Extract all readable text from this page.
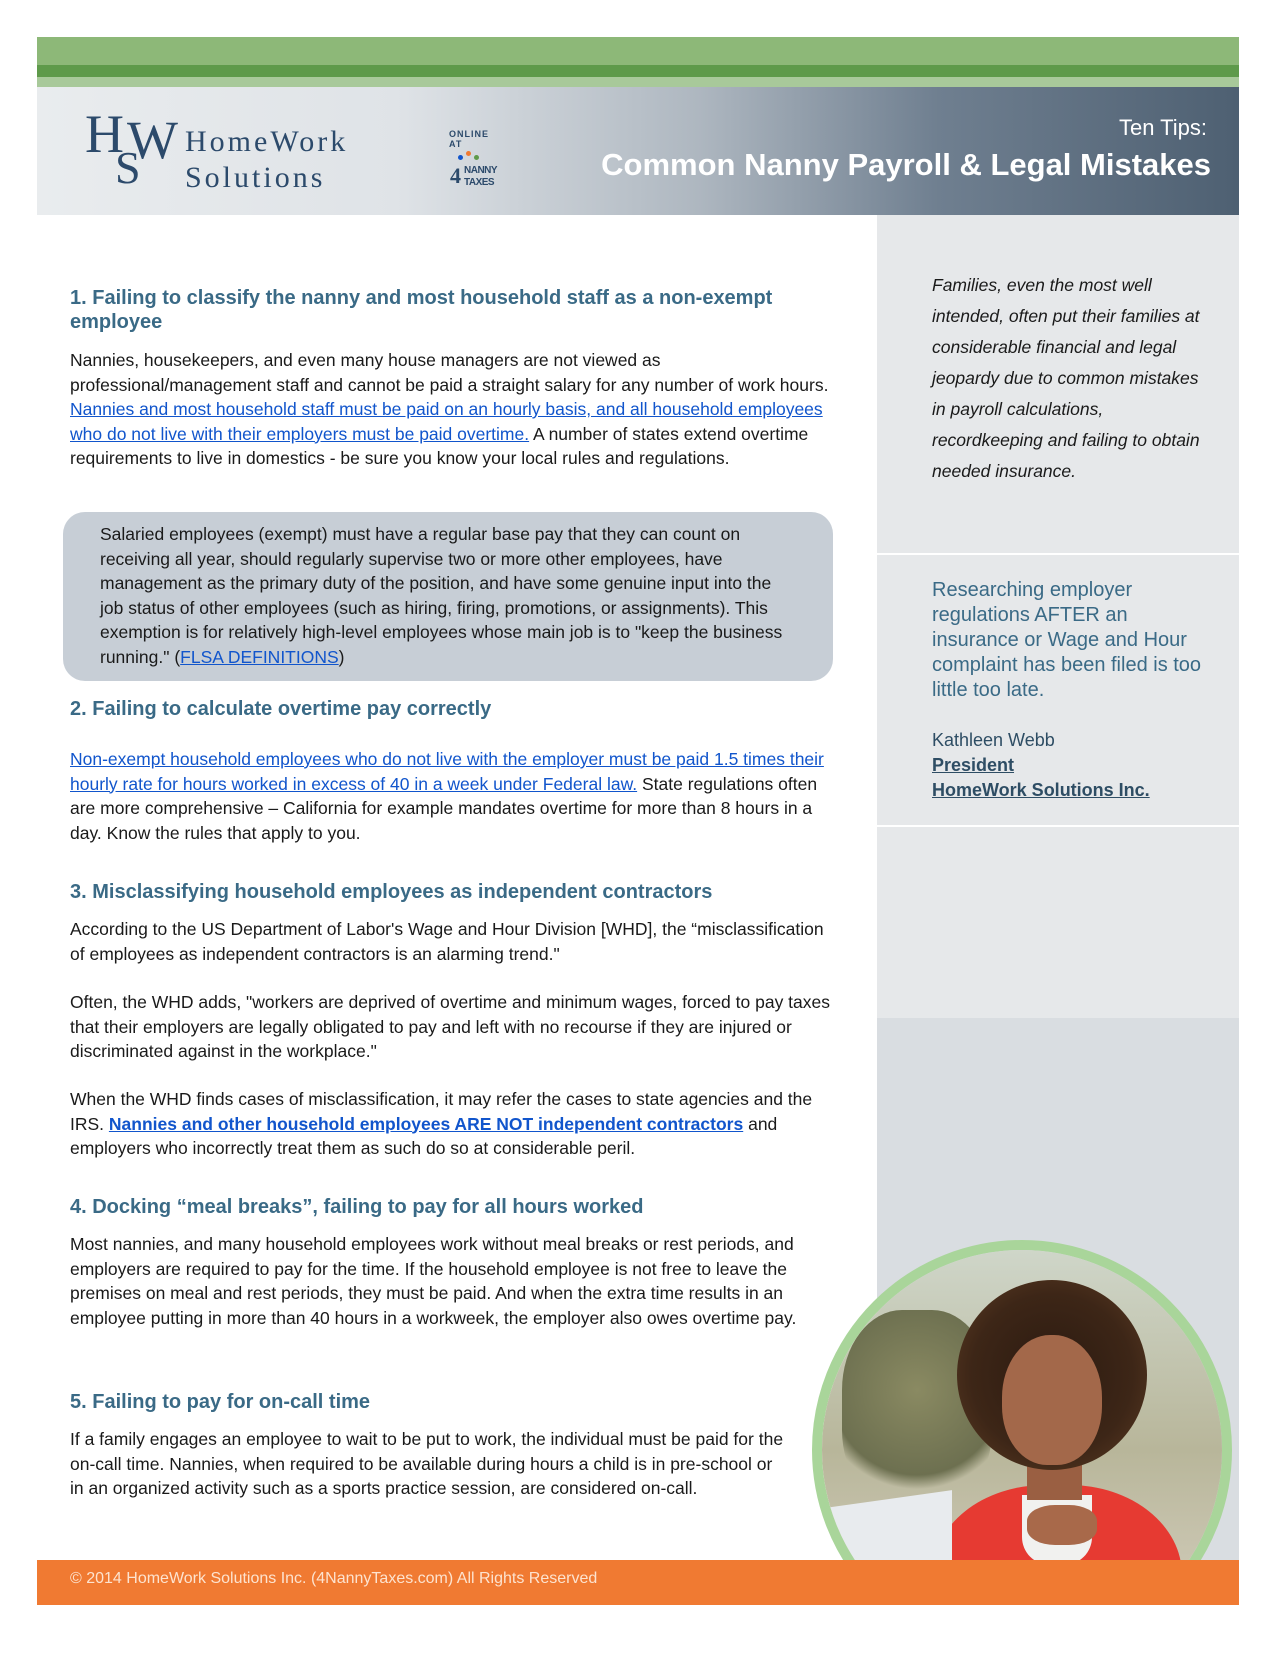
H W
S
HomeWork
Solutions
ONLINE AT
4 NANNY
TAXES
Ten Tips:
Common Nanny Payroll & Legal Mistakes
Families, even the most well intended, often put their families at considerable financial and legal jeopardy due to common mistakes in payroll calculations, recordkeeping and failing to obtain needed insurance.
Researching employer regulations AFTER an insurance or Wage and Hour complaint has been filed is too little too late.
Kathleen Webb
President
HomeWork Solutions Inc.
1. Failing to classify the nanny and most household staff as a non-exempt employee

Nannies, housekeepers, and even many house managers are not viewed as professional/management staff and cannot be paid a straight salary for any number of work hours. Nannies and most household staff must be paid on an hourly basis, and all household employees who do not live with their employers must be paid overtime. A number of states extend overtime requirements to live in domestics - be sure you know your local rules and regulations.

Salaried employees (exempt) must have a regular base pay that they can count on receiving all year, should regularly supervise two or more other employees, have management as the primary duty of the position, and have some genuine input into the job status of other employees (such as hiring, firing, promotions, or assignments). This exemption is for relatively high-level employees whose main job is to "keep the business running." (FLSA DEFINITIONS)

2. Failing to calculate overtime pay correctly

Non-exempt household employees who do not live with the employer must be paid 1.5 times their hourly rate for hours worked in excess of 40 in a week under Federal law. State regulations often are more comprehensive – California for example mandates overtime for more than 8 hours in a day. Know the rules that apply to you.

3. Misclassifying household employees as independent contractors

According to the US Department of Labor's Wage and Hour Division [WHD], the “misclassification of employees as independent contractors is an alarming trend."

Often, the WHD adds, "workers are deprived of overtime and minimum wages, forced to pay taxes that their employers are legally obligated to pay and left with no recourse if they are injured or discriminated against in the workplace."

When the WHD finds cases of misclassification, it may refer the cases to state agencies and the IRS. Nannies and other household employees ARE NOT independent contractors and employers who incorrectly treat them as such do so at considerable peril.

4. Docking “meal breaks”, failing to pay for all hours worked

Most nannies, and many household employees work without meal breaks or rest periods, and employers are required to pay for the time. If the household employee is not free to leave the premises on meal and rest periods, they must be paid. And when the extra time results in an employee putting in more than 40 hours in a workweek, the employer also owes overtime pay.

5. Failing to pay for on-call time

If a family engages an employee to wait to be put to work, the individual must be paid for the on-call time. Nannies, when required to be available during hours a child is in pre-school or in an organized activity such as a sports practice session, are considered on-call.

© 2014 HomeWork Solutions Inc. (4NannyTaxes.com) All Rights Reserved
